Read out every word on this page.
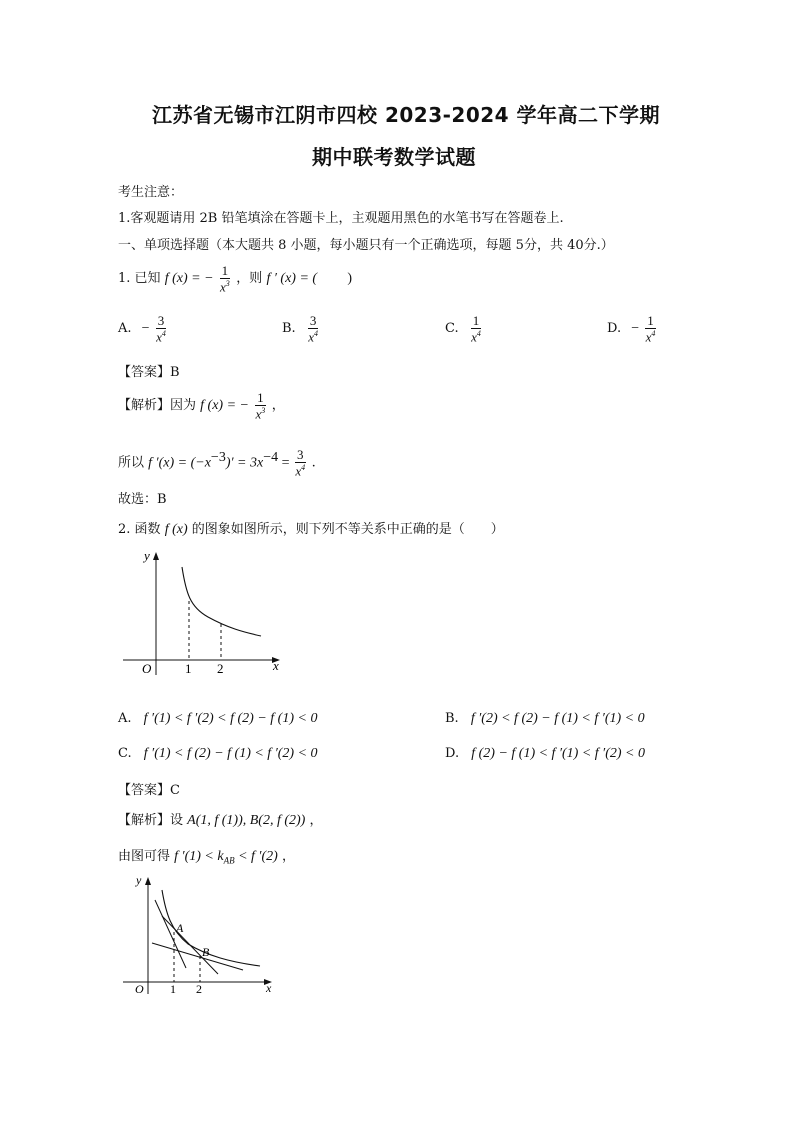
江苏省无锡市江阴市四校 2023-2024 学年高二下学期
期中联考数学试题
考生注意：
1.客观题请用 2B 铅笔填涂在答题卡上，主观题用黑色的水笔书写在答题卷上.
一、单项选择题（本大题共 8 小题，每小题只有一个正确选项，每题 5分，共 40分.）
1. 已知 f (x) = − $\frac{1}{x^3}$ ，则 f ′ (x) = ( )
A. − $\frac{3}{x^4}$	B. $\frac{3}{x^4}$	C. $\frac{1}{x^4}$	D. − $\frac{1}{x^4}$
【答案】B
【解析】因为 f (x) = − $\frac{1}{x^3}$ ，
所以 f $'(x) = (-x^{-3})' = 3x^{-4} = \frac{3}{x^4}$ .
故选：B
2. 函数 f (x) 的图象如图所示，则下列不等关系中正确的是（　　）
y
x
O	1 2
A. f ′(1) < f ′(2) < f (2) − f (1) < 0	B. f ′(2) < f (2) − f (1) < f ′(1) < 0
C. f ′(1) < f (2) − f (1) < f ′(2) < 0	D. f (2) − f (1) < f ′(1) < f ′(2) < 0
【答案】C
【解析】设 A(1, f (1)), B(2, f (2)) ，
由图可得 f $'(1) < k_{AB} < f$ ′(2) ，
A
B
y
x
O 1 2
